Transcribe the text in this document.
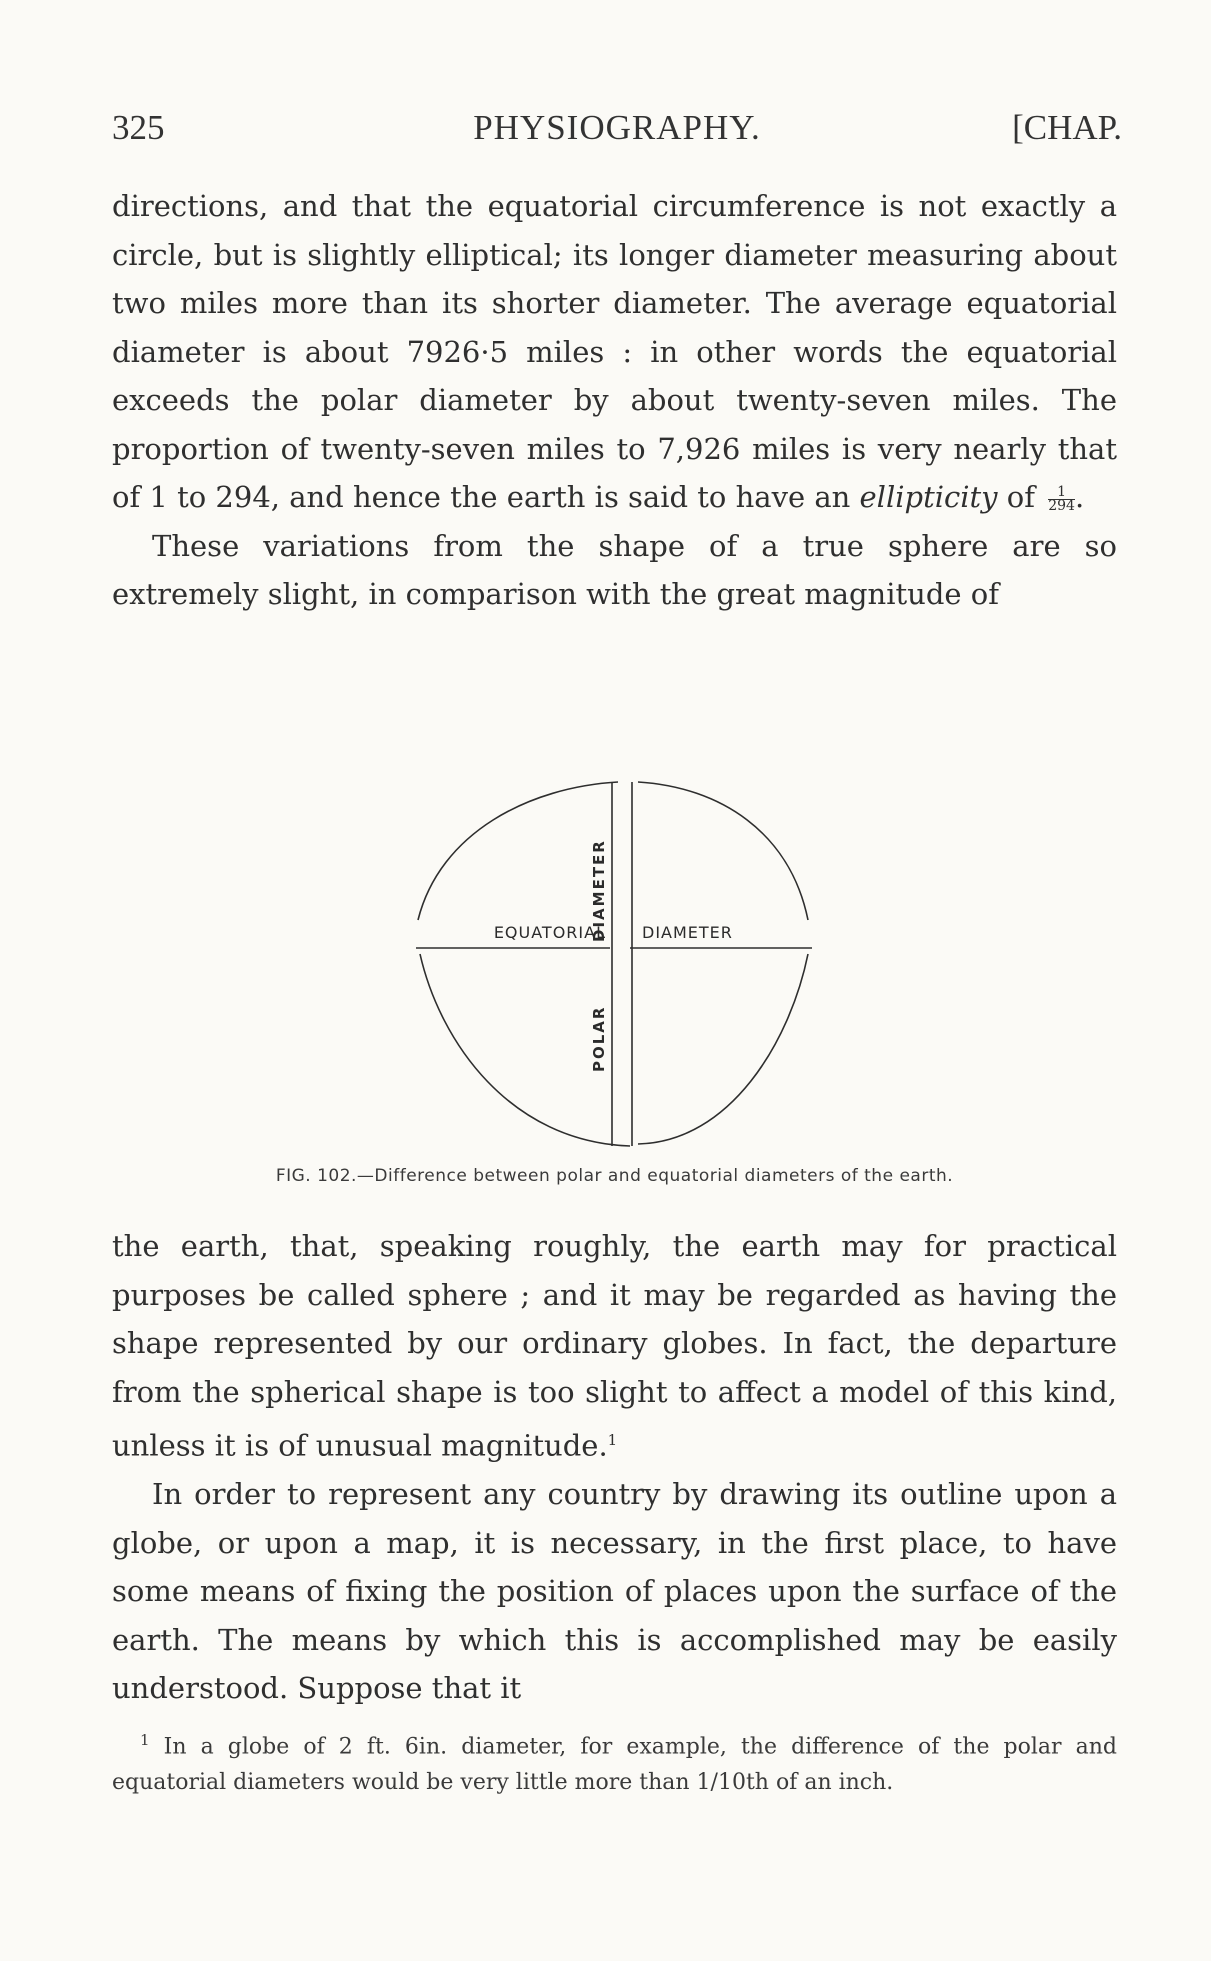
325	PHYSIOGRAPHY.	[CHAP.

directions, and that the equatorial circumference is not exactly a circle, but is slightly elliptical; its longer diameter measuring about two miles more than its shorter diameter. The average equatorial diameter is about 7926·5 miles : in other words the equatorial exceeds the polar diameter by about twenty-seven miles. The proportion of twenty-seven miles to 7,926 miles is very nearly that of 1 to 294, and hence the earth is said to have an ellipticity of $\frac{1}{294}$ .

These variations from the shape of a true sphere are so extremely slight, in comparison with the great magnitude of

EQUATORIAL DIAMETER
DIAMETER
POLAR
FIG. 102.—Difference between polar and equatorial diameters of the earth.

the earth, that, speaking roughly, the earth may for practical purposes be called sphere ; and it may be regarded as having the shape represented by our ordinary globes. In fact, the departure from the spherical shape is too slight to affect a model of this kind, unless it is of unusual magnitude.$^1$

In order to represent any country by drawing its outline upon a globe, or upon a map, it is necessary, in the first place, to have some means of fixing the position of places upon the surface of the earth. The means by which this is accomplished may be easily understood. Suppose that it

$^1$ In a globe of 2 ft. 6in. diameter, for example, the difference of the polar and equatorial diameters would be very little more than 1/10th of an inch.
